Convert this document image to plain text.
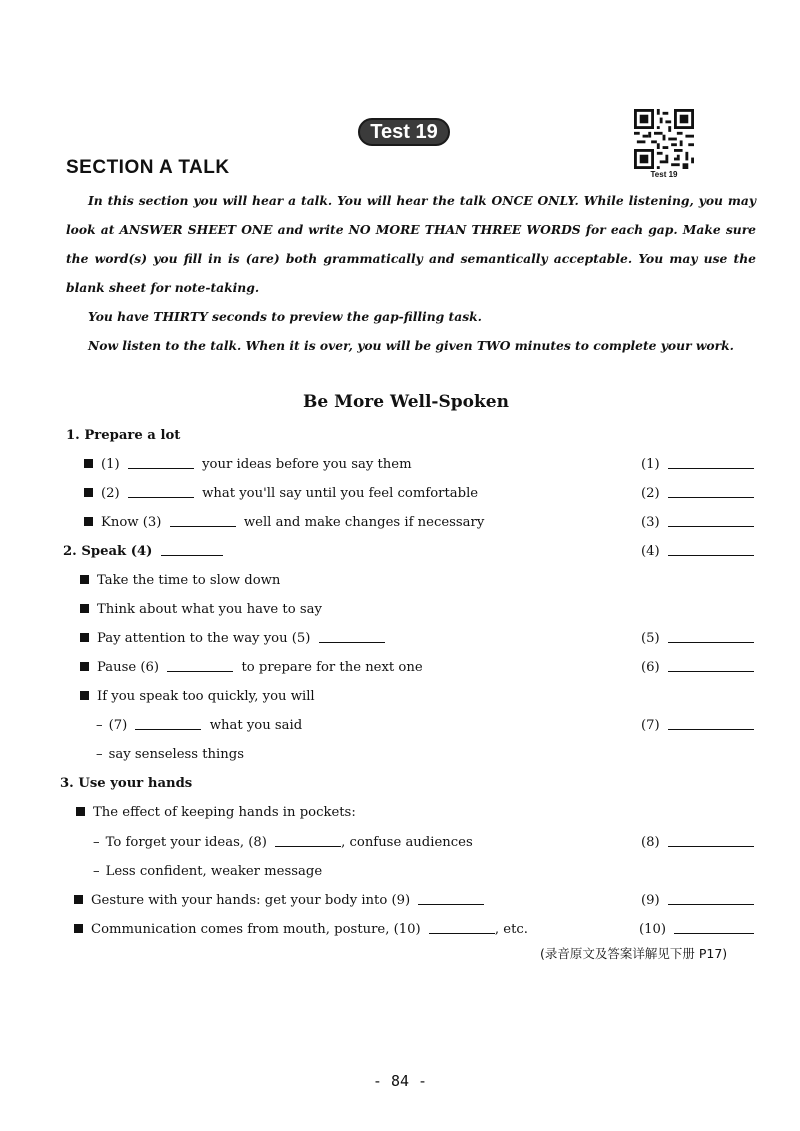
Test 19
Test 19
SECTION A TALK

In this section you will hear a talk. You will hear the talk ONCE ONLY. While listening, you may look at ANSWER SHEET ONE and write NO MORE THAN THREE WORDS for each gap. Make sure the word(s) you fill in is (are) both grammatically and semantically acceptable. You may use the blank sheet for note-taking.

You have THIRTY seconds to preview the gap-filling task.

Now listen to the talk. When it is over, you will be given TWO minutes to complete your work.

Be More Well-Spoken
1. Prepare a lot
(1)	your ideas before you say them	(1)
(2)	what you'll say until you feel comfortable	(2)
Know (3)	well and make changes if necessary	(3)
2. Speak (4)	(4)
Take the time to slow down
Think about what you have to say
Pay attention to the way you (5)	(5)
Pause (6)	to prepare for the next one	(6)
If you speak too quickly, you will
– (7)	what you said	(7)
– say senseless things
3. Use your hands
The effect of keeping hands in pockets:
– To forget your ideas, (8)	, confuse audiences	(8)
– Less confident, weaker message
Gesture with your hands: get your body into (9)	(9)
Communication comes from mouth, posture, (10)	, etc.	(10)
(录音原文及答案详解见下册 P17)
- 84 -
